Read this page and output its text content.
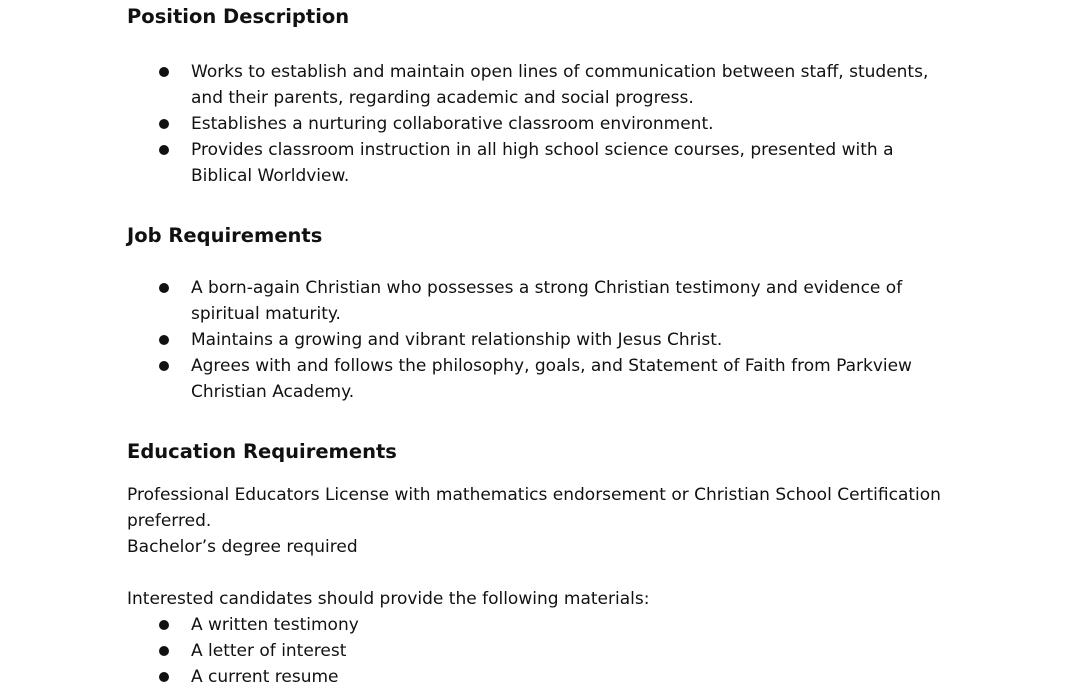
Position Description
Works to establish and maintain open lines of communication between staff, students,
and their parents, regarding academic and social progress.
Establishes a nurturing collaborative classroom environment.
Provides classroom instruction in all high school science courses, presented with a
Biblical Worldview.
Job Requirements
A born-again Christian who possesses a strong Christian testimony and evidence of
spiritual maturity.
Maintains a growing and vibrant relationship with Jesus Christ.
Agrees with and follows the philosophy, goals, and Statement of Faith from Parkview
Christian Academy.
Education Requirements

Professional Educators License with mathematics endorsement or Christian School Certification

preferred.

Bachelor’s degree required

Interested candidates should provide the following materials:

A written testimony
A letter of interest
A current resume
